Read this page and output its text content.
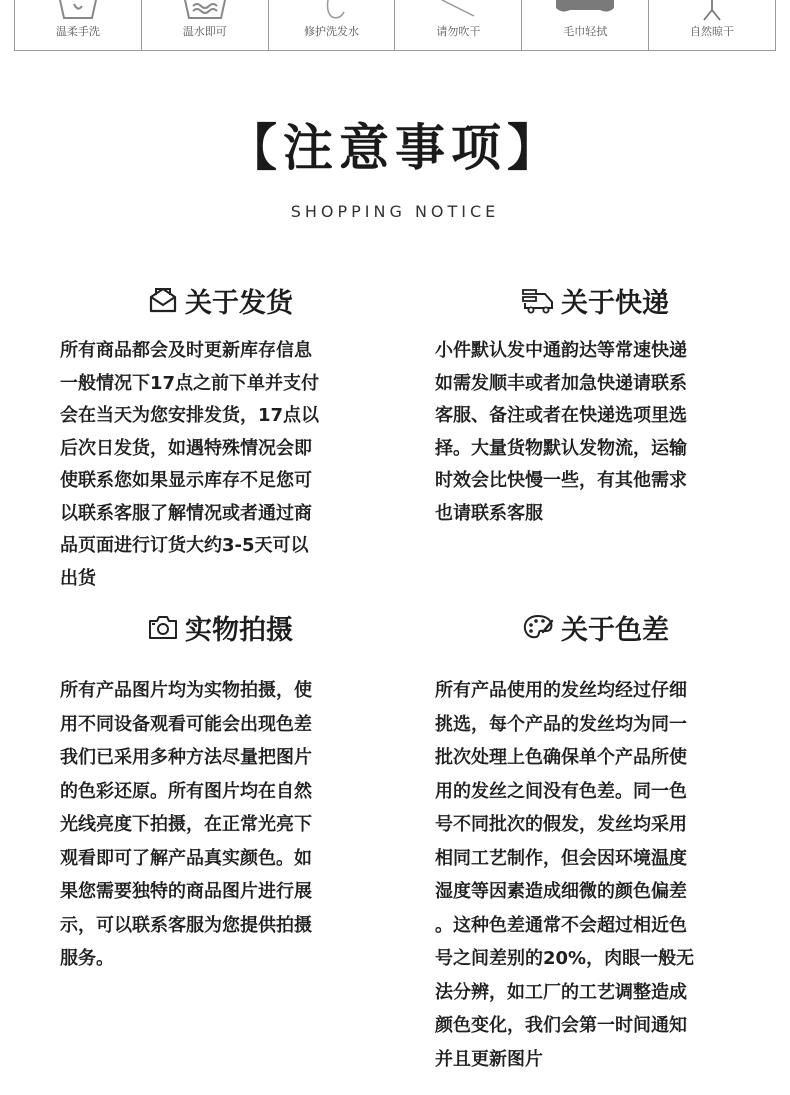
温柔手洗	温水即可	修护洗发水	请勿吹干	毛巾轻拭	自然晾干
【注意事项】
SHOPPING NOTICE
关于发货

所有商品都会及时更新库存信息
一般情况下17点之前下单并支付
会在当天为您安排发货，17点以
后次日发货，如遇特殊情况会即
使联系您如果显示库存不足您可
以联系客服了解情况或者通过商
品页面进行订货大约3-5天可以
出货

关于快递

小件默认发中通韵达等常速快递
如需发顺丰或者加急快递请联系
客服、备注或者在快递选项里选
择。大量货物默认发物流，运输
时效会比快慢一些，有其他需求
也请联系客服

实物拍摄

所有产品图片均为实物拍摄，使
用不同设备观看可能会出现色差
我们已采用多种方法尽量把图片
的色彩还原。所有图片均在自然
光线亮度下拍摄，在正常光亮下
观看即可了解产品真实颜色。如
果您需要独特的商品图片进行展
示，可以联系客服为您提供拍摄
服务。

关于色差

所有产品使用的发丝均经过仔细
挑选，每个产品的发丝均为同一
批次处理上色确保单个产品所使
用的发丝之间没有色差。同一色
号不同批次的假发，发丝均采用
相同工艺制作，但会因环境温度
湿度等因素造成细微的颜色偏差
。这种色差通常不会超过相近色
号之间差别的20%，肉眼一般无
法分辨，如工厂的工艺调整造成
颜色变化，我们会第一时间通知
并且更新图片
